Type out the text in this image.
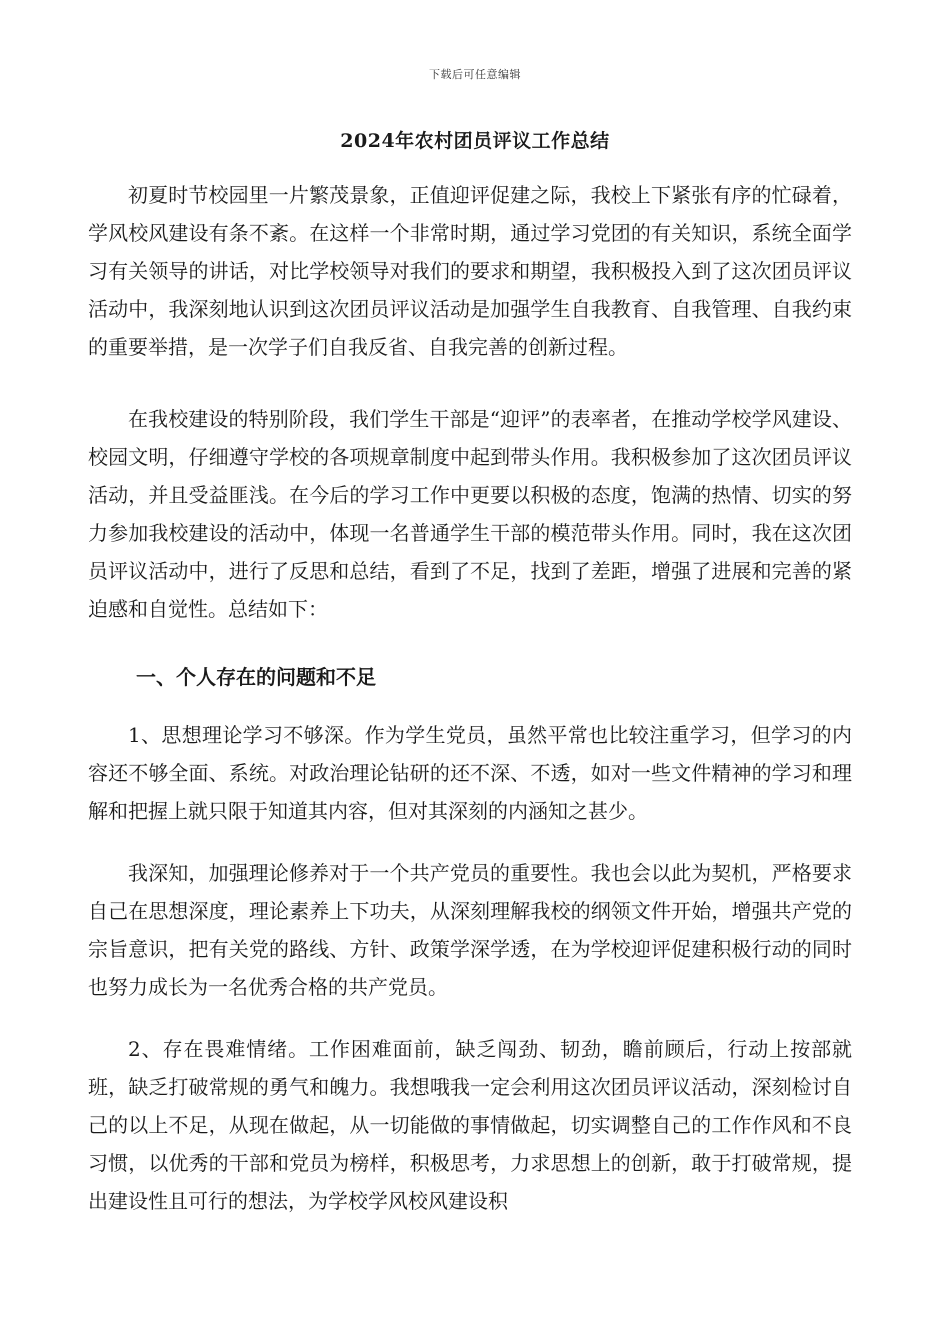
下载后可任意编辑
2024年农村团员评议工作总结

初夏时节校园里一片繁茂景象，正值迎评促建之际，我校上下紧张有序的忙碌着，学风校风建设有条不紊。在这样一个非常时期，通过学习党团的有关知识，系统全面学习有关领导的讲话，对比学校领导对我们的要求和期望，我积极投入到了这次团员评议活动中，我深刻地认识到这次团员评议活动是加强学生自我教育、自我管理、自我约束的重要举措，是一次学子们自我反省、自我完善的创新过程。

在我校建设的特别阶段，我们学生干部是“迎评”的表率者，在推动学校学风建设、校园文明，仔细遵守学校的各项规章制度中起到带头作用。我积极参加了这次团员评议活动，并且受益匪浅。在今后的学习工作中更要以积极的态度，饱满的热情、切实的努力参加我校建设的活动中，体现一名普通学生干部的模范带头作用。同时，我在这次团员评议活动中，进行了反思和总结，看到了不足，找到了差距，增强了进展和完善的紧迫感和自觉性。总结如下：

一、个人存在的问题和不足

1、思想理论学习不够深。作为学生党员，虽然平常也比较注重学习，但学习的内容还不够全面、系统。对政治理论钻研的还不深、不透，如对一些文件精神的学习和理解和把握上就只限于知道其内容，但对其深刻的内涵知之甚少。

我深知，加强理论修养对于一个共产党员的重要性。我也会以此为契机，严格要求自己在思想深度，理论素养上下功夫，从深刻理解我校的纲领文件开始，增强共产党的宗旨意识，把有关党的路线、方针、政策学深学透，在为学校迎评促建积极行动的同时也努力成长为一名优秀合格的共产党员。

2、存在畏难情绪。工作困难面前，缺乏闯劲、韧劲，瞻前顾后，行动上按部就班，缺乏打破常规的勇气和魄力。我想哦我一定会利用这次团员评议活动，深刻检讨自己的以上不足，从现在做起，从一切能做的事情做起，切实调整自己的工作作风和不良习惯，以优秀的干部和党员为榜样，积极思考，力求思想上的创新，敢于打破常规，提出建设性且可行的想法，为学校学风校风建设积
